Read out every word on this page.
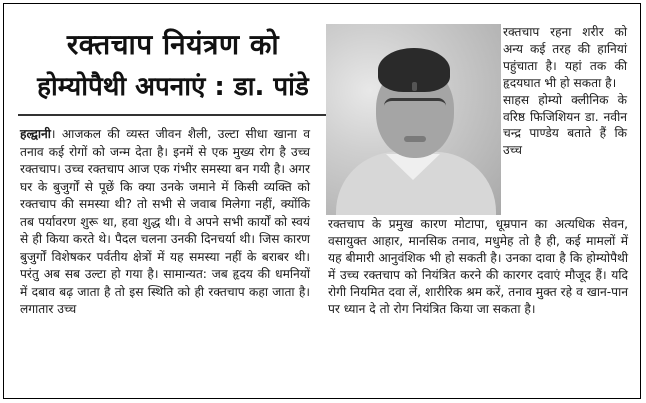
रक्तचाप नियंत्रण को
होम्योपैथी अपनाएं : डा. पांडे

हल्द्वानी। आजकल की व्यस्त जीवन शैली, उल्टा सीधा खाना व तनाव कई रोगों को जन्म देता है। इनमें से एक मुख्य रोग है उच्च रक्तचाप। उच्च रक्तचाप आज एक गंभीर समस्या बन गयी है। अगर घर के बुजुर्गों से पूछें कि क्या उनके जमाने में किसी व्यक्ति को रक्तचाप की समस्या थी? तो सभी से जवाब मिलेगा नहीं, क्योंकि तब पर्यावरण शुरू था, हवा शुद्ध थी। वे अपने सभी कार्यों को स्वयं से ही किया करते थे। पैदल चलना उनकी दिनचर्या थी। जिस कारण बुजुर्गों विशेषकर पर्वतीय क्षेत्रों में यह समस्या नहीं के बराबर थी। परंतु अब सब उल्टा हो गया है। सामान्यत: जब हृदय की धमनियों में दबाव बढ़ जाता है तो इस स्थिति को ही रक्तचाप कहा जाता है। लगातार उच्च

रक्तचाप रहना शरीर को अन्य कई तरह की हानियां पहुंचाता है। यहां तक की हृदयघात भी हो सकता है।

साहस होम्यो क्लीनिक के वरिष्ठ फिजिशियन डा. नवीन चन्द्र पाण्डेय बताते हैं कि उच्च

रक्तचाप के प्रमुख कारण मोटापा, धूम्रपान का अत्यधिक सेवन, वसायुक्त आहार, मानसिक तनाव, मधुमेह तो है ही, कई मामलों में यह बीमारी आनुवंशिक भी हो सकती है। उनका दावा है कि होम्योपैथी में उच्च रक्तचाप को नियंत्रित करने की कारगर दवाएं मौजूद हैं। यदि रोगी नियमित दवा लें, शारीरिक श्रम करें, तनाव मुक्त रहे व खान-पान पर ध्यान दे तो रोग नियंत्रित किया जा सकता है।
